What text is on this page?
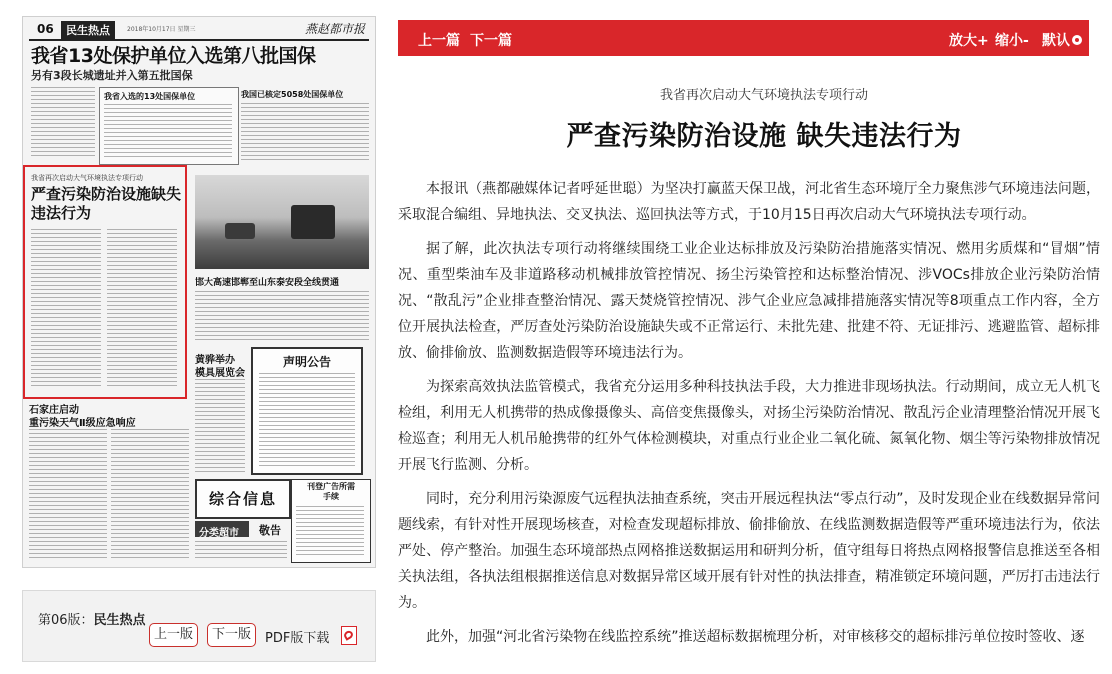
06	民生热点	2018年10月17日 星期三	燕赵都市报
我省13处保护单位入选第八批国保
另有3段长城遗址并入第五批国保
我省入选的13处国保单位	我国已核定5058处国保单位
我省再次启动大气环境执法专项行动
严查污染防治设施缺失违法行为
邯大高速邯郸至山东泰安段全线贯通
黄骅举办
模具展览会
声明公告
石家庄启动
重污染天气Ⅱ级应急响应
综合信息
刊登广告所需手续
分类超市	敬告
第06版：民生热点
上一版	下一版	PDF版下载
上一篇 下一篇	放大+ 缩小- 默认
我省再次启动大气环境执法专项行动
严查污染防治设施 缺失违法行为

本报讯（燕都融媒体记者呼延世聪）为坚决打赢蓝天保卫战，河北省生态环境厅全力聚焦涉气环境违法问题，采取混合编组、异地执法、交叉执法、巡回执法等方式，于10月15日再次启动大气环境执法专项行动。

据了解，此次执法专项行动将继续围绕工业企业达标排放及污染防治措施落实情况、燃用劣质煤和“冒烟”情况、重型柴油车及非道路移动机械排放管控情况、扬尘污染管控和达标整治情况、涉VOCs排放企业污染防治情况、“散乱污”企业排查整治情况、露天焚烧管控情况、涉气企业应急减排措施落实情况等8项重点工作内容，全方位开展执法检查，严厉查处污染防治设施缺失或不正常运行、未批先建、批建不符、无证排污、逃避监管、超标排放、偷排偷放、监测数据造假等环境违法行为。

为探索高效执法监管模式，我省充分运用多种科技执法手段，大力推进非现场执法。行动期间，成立无人机飞检组，利用无人机携带的热成像摄像头、高倍变焦摄像头，对扬尘污染防治情况、散乱污企业清理整治情况开展飞检巡查；利用无人机吊舱携带的红外气体检测模块，对重点行业企业二氧化硫、氮氧化物、烟尘等污染物排放情况开展飞行监测、分析。

同时，充分利用污染源废气远程执法抽查系统，突击开展远程执法“零点行动”，及时发现企业在线数据异常问题线索，有针对性开展现场核查，对检查发现超标排放、偷排偷放、在线监测数据造假等严重环境违法行为，依法严处、停产整治。加强生态环境部热点网格推送数据运用和研判分析，值守组每日将热点网格报警信息推送至各相关执法组，各执法组根据推送信息对数据异常区域开展有针对性的执法排查，精准锁定环境问题，严厉打击违法行为。

此外，加强“河北省污染物在线监控系统”推送超标数据梳理分析，对审核移交的超标排污单位按时签收、逐
